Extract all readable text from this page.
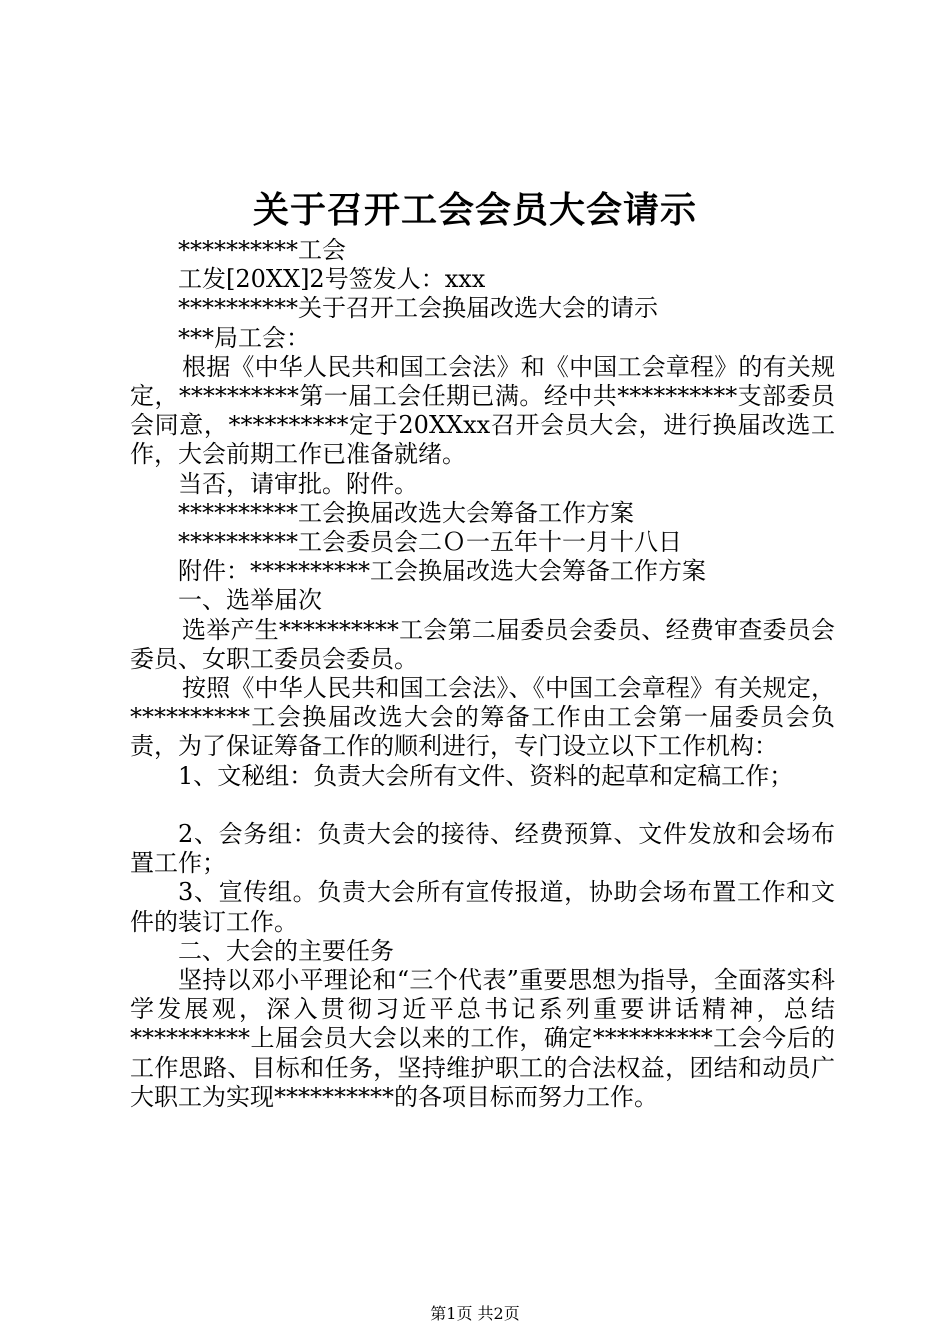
关于召开工会会员大会请示

**********工会

工发[20XX]2号签发人：xxx

**********关于召开工会换届改选大会的请示

***局工会：

根据《中华人民共和国工会法》和《中国工会章程》的有关规定，**********第一届工会任期已满。经中共**********支部委员会同意，**********定于20XXxx召开会员大会，进行换届改选工作，大会前期工作已准备就绪。

当否，请审批。附件。

**********工会换届改选大会筹备工作方案

**********工会委员会二Ｏ一五年十一月十八日

附件：**********工会换届改选大会筹备工作方案

一、选举届次

选举产生**********工会第二届委员会委员、经费审查委员会委员、女职工委员会委员。

按照《中华人民共和国工会法》、《中国工会章程》有关规定，**********工会换届改选大会的筹备工作由工会第一届委员会负责，为了保证筹备工作的顺利进行，专门设立以下工作机构：

1、文秘组：负责大会所有文件、资料的起草和定稿工作；

2、会务组：负责大会的接待、经费预算、文件发放和会场布置工作；

3、宣传组。负责大会所有宣传报道，协助会场布置工作和文件的装订工作。

二、大会的主要任务

坚持以邓小平理论和“三个代表”重要思想为指导，全面落实科学发展观，深入贯彻习近平总书记系列重要讲话精神，总结**********上届会员大会以来的工作，确定**********工会今后的工作思路、目标和任务，坚持维护职工的合法权益，团结和动员广大职工为实现**********的各项目标而努力工作。

第1页 共2页
